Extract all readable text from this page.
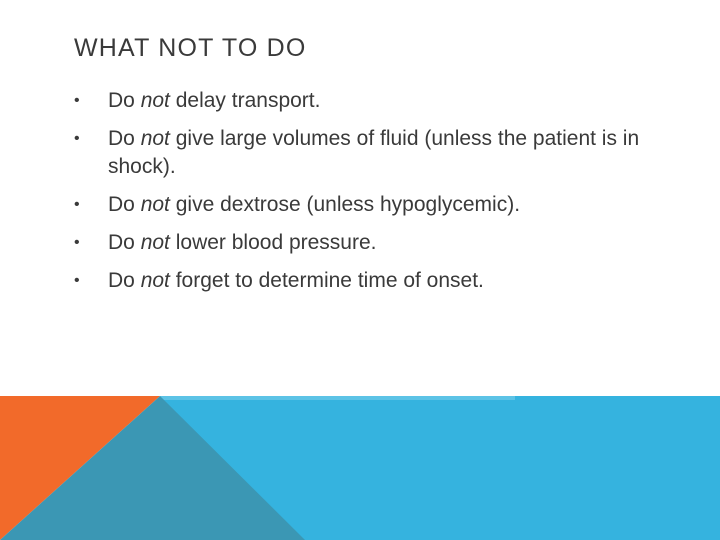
WHAT NOT TO DO
• Do not delay transport.
• Do not give large volumes of fluid (unless the patient is in shock).
• Do not give dextrose (unless hypoglycemic).
• Do not lower blood pressure.
• Do not forget to determine time of onset.
